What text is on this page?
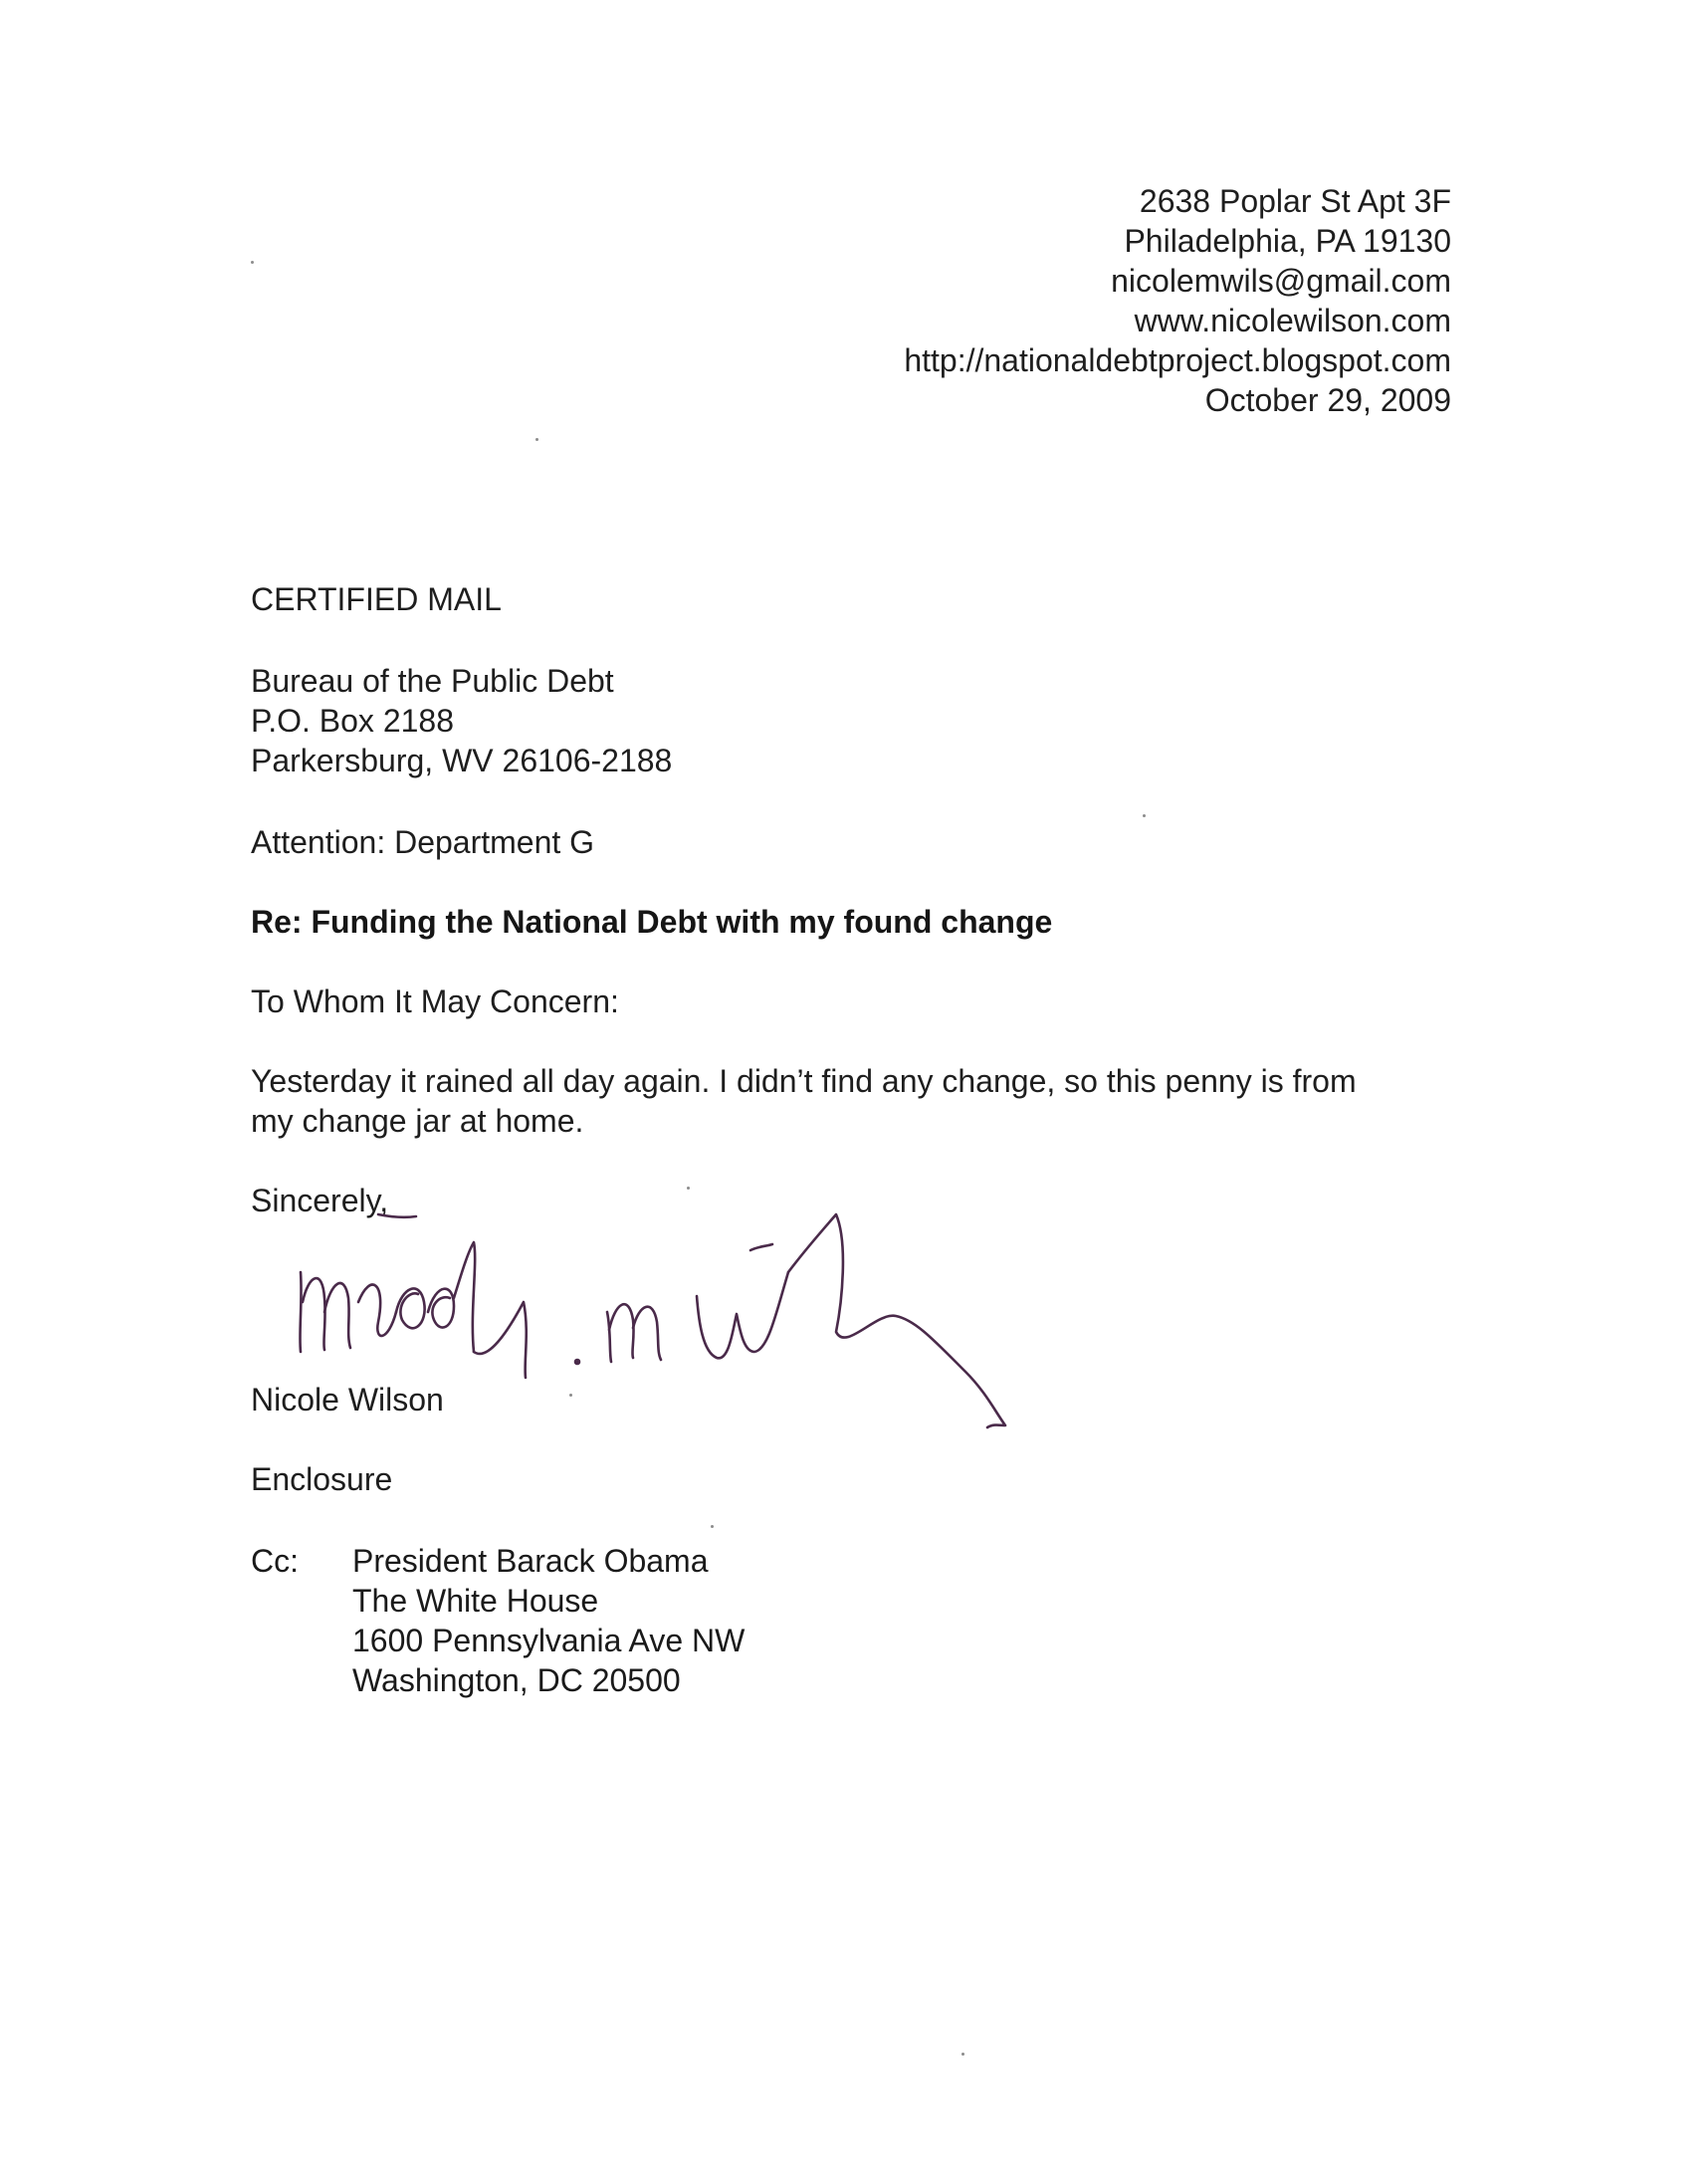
2638 Poplar St Apt 3F
Philadelphia, PA 19130
nicolemwils@gmail.com
www.nicolewilson.com
http://nationaldebtproject.blogspot.com
October 29, 2009
CERTIFIED MAIL
Bureau of the Public Debt
P.O. Box 2188
Parkersburg, WV 26106-2188
Attention: Department G
Re: Funding the National Debt with my found change
To Whom It May Concern:
Yesterday it rained all day again. I didn’t find any change, so this penny is from
my change jar at home.
Sincerely,
Nicole Wilson
Enclosure
Cc: President Barack Obama
The White House
1600 Pennsylvania Ave NW
Washington, DC 20500
